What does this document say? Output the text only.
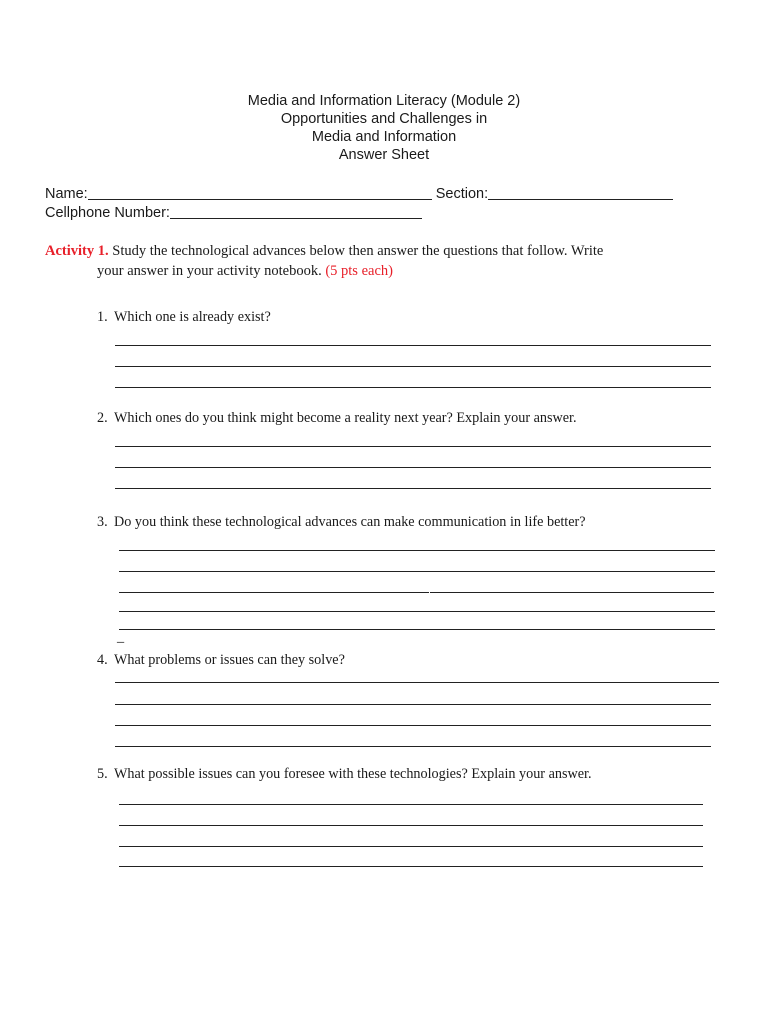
Media and Information Literacy (Module 2)
Opportunities and Challenges in
Media and Information
Answer Sheet
Name:	Section:
Cellphone Number:
Activity 1. Study the technological advances below then answer the questions that follow. Write
your answer in your activity notebook. (5 pts each)
1. Which one is already exist?
2. Which ones do you think might become a reality next year? Explain your answer.
3. Do you think these technological advances can make communication in life better?
_
4. What problems or issues can they solve?
5. What possible issues can you foresee with these technologies? Explain your answer.
